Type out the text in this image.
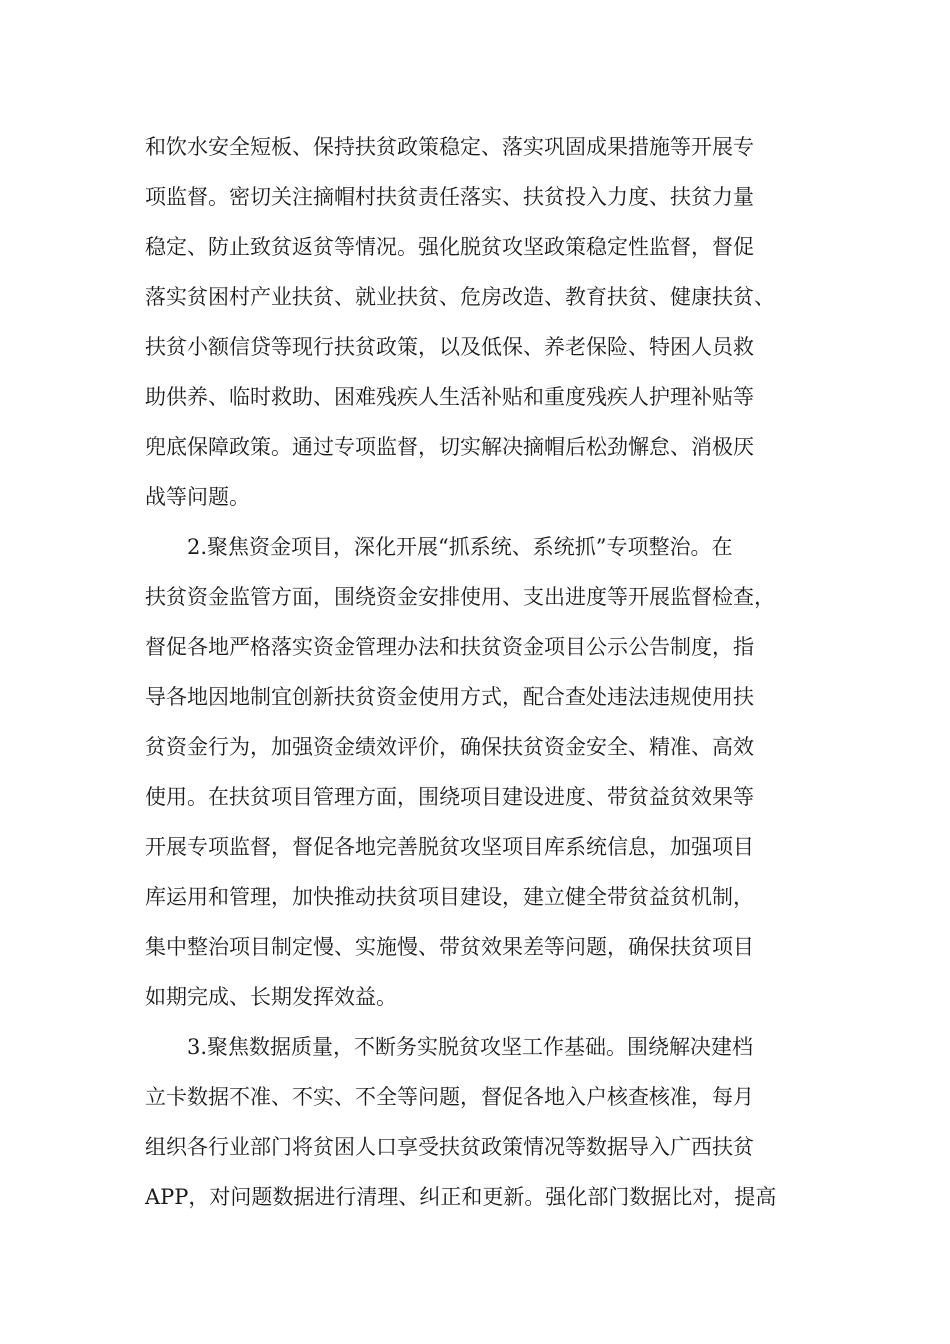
和饮水安全短板、保持扶贫政策稳定、落实巩固成果措施等开展专
项监督。密切关注摘帽村扶贫责任落实、扶贫投入力度、扶贫力量
稳定、防止致贫返贫等情况。强化脱贫攻坚政策稳定性监督，督促
落实贫困村产业扶贫、就业扶贫、危房改造、教育扶贫、健康扶贫、
扶贫小额信贷等现行扶贫政策，以及低保、养老保险、特困人员救
助供养、临时救助、困难残疾人生活补贴和重度残疾人护理补贴等
兜底保障政策。通过专项监督，切实解决摘帽后松劲懈怠、消极厌
战等问题。
2.聚焦资金项目，深化开展“抓系统、系统抓”专项整治。在
扶贫资金监管方面，围绕资金安排使用、支出进度等开展监督检查，
督促各地严格落实资金管理办法和扶贫资金项目公示公告制度，指
导各地因地制宜创新扶贫资金使用方式，配合查处违法违规使用扶
贫资金行为，加强资金绩效评价，确保扶贫资金安全、精准、高效
使用。在扶贫项目管理方面，围绕项目建设进度、带贫益贫效果等
开展专项监督，督促各地完善脱贫攻坚项目库系统信息，加强项目
库运用和管理，加快推动扶贫项目建设，建立健全带贫益贫机制，
集中整治项目制定慢、实施慢、带贫效果差等问题，确保扶贫项目
如期完成、长期发挥效益。
3.聚焦数据质量，不断务实脱贫攻坚工作基础。围绕解决建档
立卡数据不准、不实、不全等问题，督促各地入户核查核准，每月
组织各行业部门将贫困人口享受扶贫政策情况等数据导入广西扶贫
APP，对问题数据进行清理、纠正和更新。强化部门数据比对，提高
